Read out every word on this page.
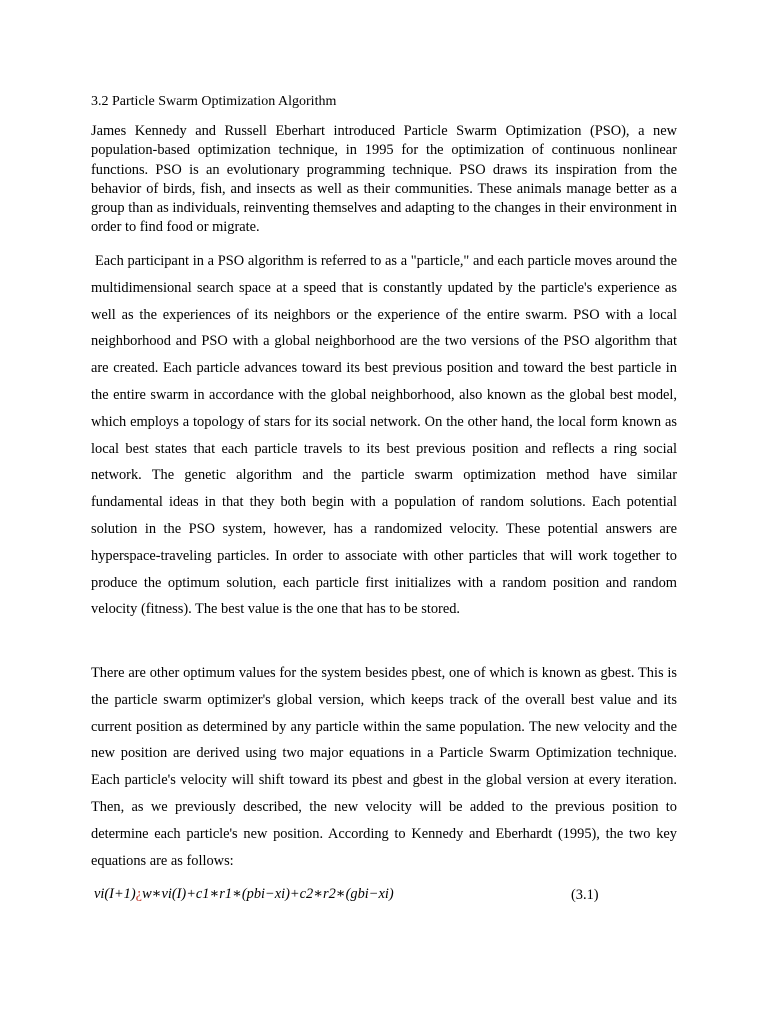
3.2 Particle Swarm Optimization Algorithm

James Kennedy and Russell Eberhart introduced Particle Swarm Optimization (PSO), a new population-based optimization technique, in 1995 for the optimization of continuous nonlinear functions. PSO is an evolutionary programming technique. PSO draws its inspiration from the behavior of birds, fish, and insects as well as their communities. These animals manage better as a group than as individuals, reinventing themselves and adapting to the changes in their environment in order to find food or migrate.

Each participant in a PSO algorithm is referred to as a "particle," and each particle moves around the multidimensional search space at a speed that is constantly updated by the particle's experience as well as the experiences of its neighbors or the experience of the entire swarm. PSO with a local neighborhood and PSO with a global neighborhood are the two versions of the PSO algorithm that are created. Each particle advances toward its best previous position and toward the best particle in the entire swarm in accordance with the global neighborhood, also known as the global best model, which employs a topology of stars for its social network. On the other hand, the local form known as local best states that each particle travels to its best previous position and reflects a ring social network. The genetic algorithm and the particle swarm optimization method have similar fundamental ideas in that they both begin with a population of random solutions. Each potential solution in the PSO system, however, has a randomized velocity. These potential answers are hyperspace-traveling particles. In order to associate with other particles that will work together to produce the optimum solution, each particle first initializes with a random position and random velocity (fitness). The best value is the one that has to be stored.

There are other optimum values for the system besides pbest, one of which is known as gbest. This is the particle swarm optimizer's global version, which keeps track of the overall best value and its current position as determined by any particle within the same population. The new velocity and the new position are derived using two major equations in a Particle Swarm Optimization technique. Each particle's velocity will shift toward its pbest and gbest in the global version at every iteration. Then, as we previously described, the new velocity will be added to the previous position to determine each particle's new position. According to Kennedy and Eberhardt (1995), the two key equations are as follows:

vi(I+1)¿w∗vi(I)+c1∗r1∗(pbi−xi)+c2∗r2∗(gbi−xi)	(3.1)
